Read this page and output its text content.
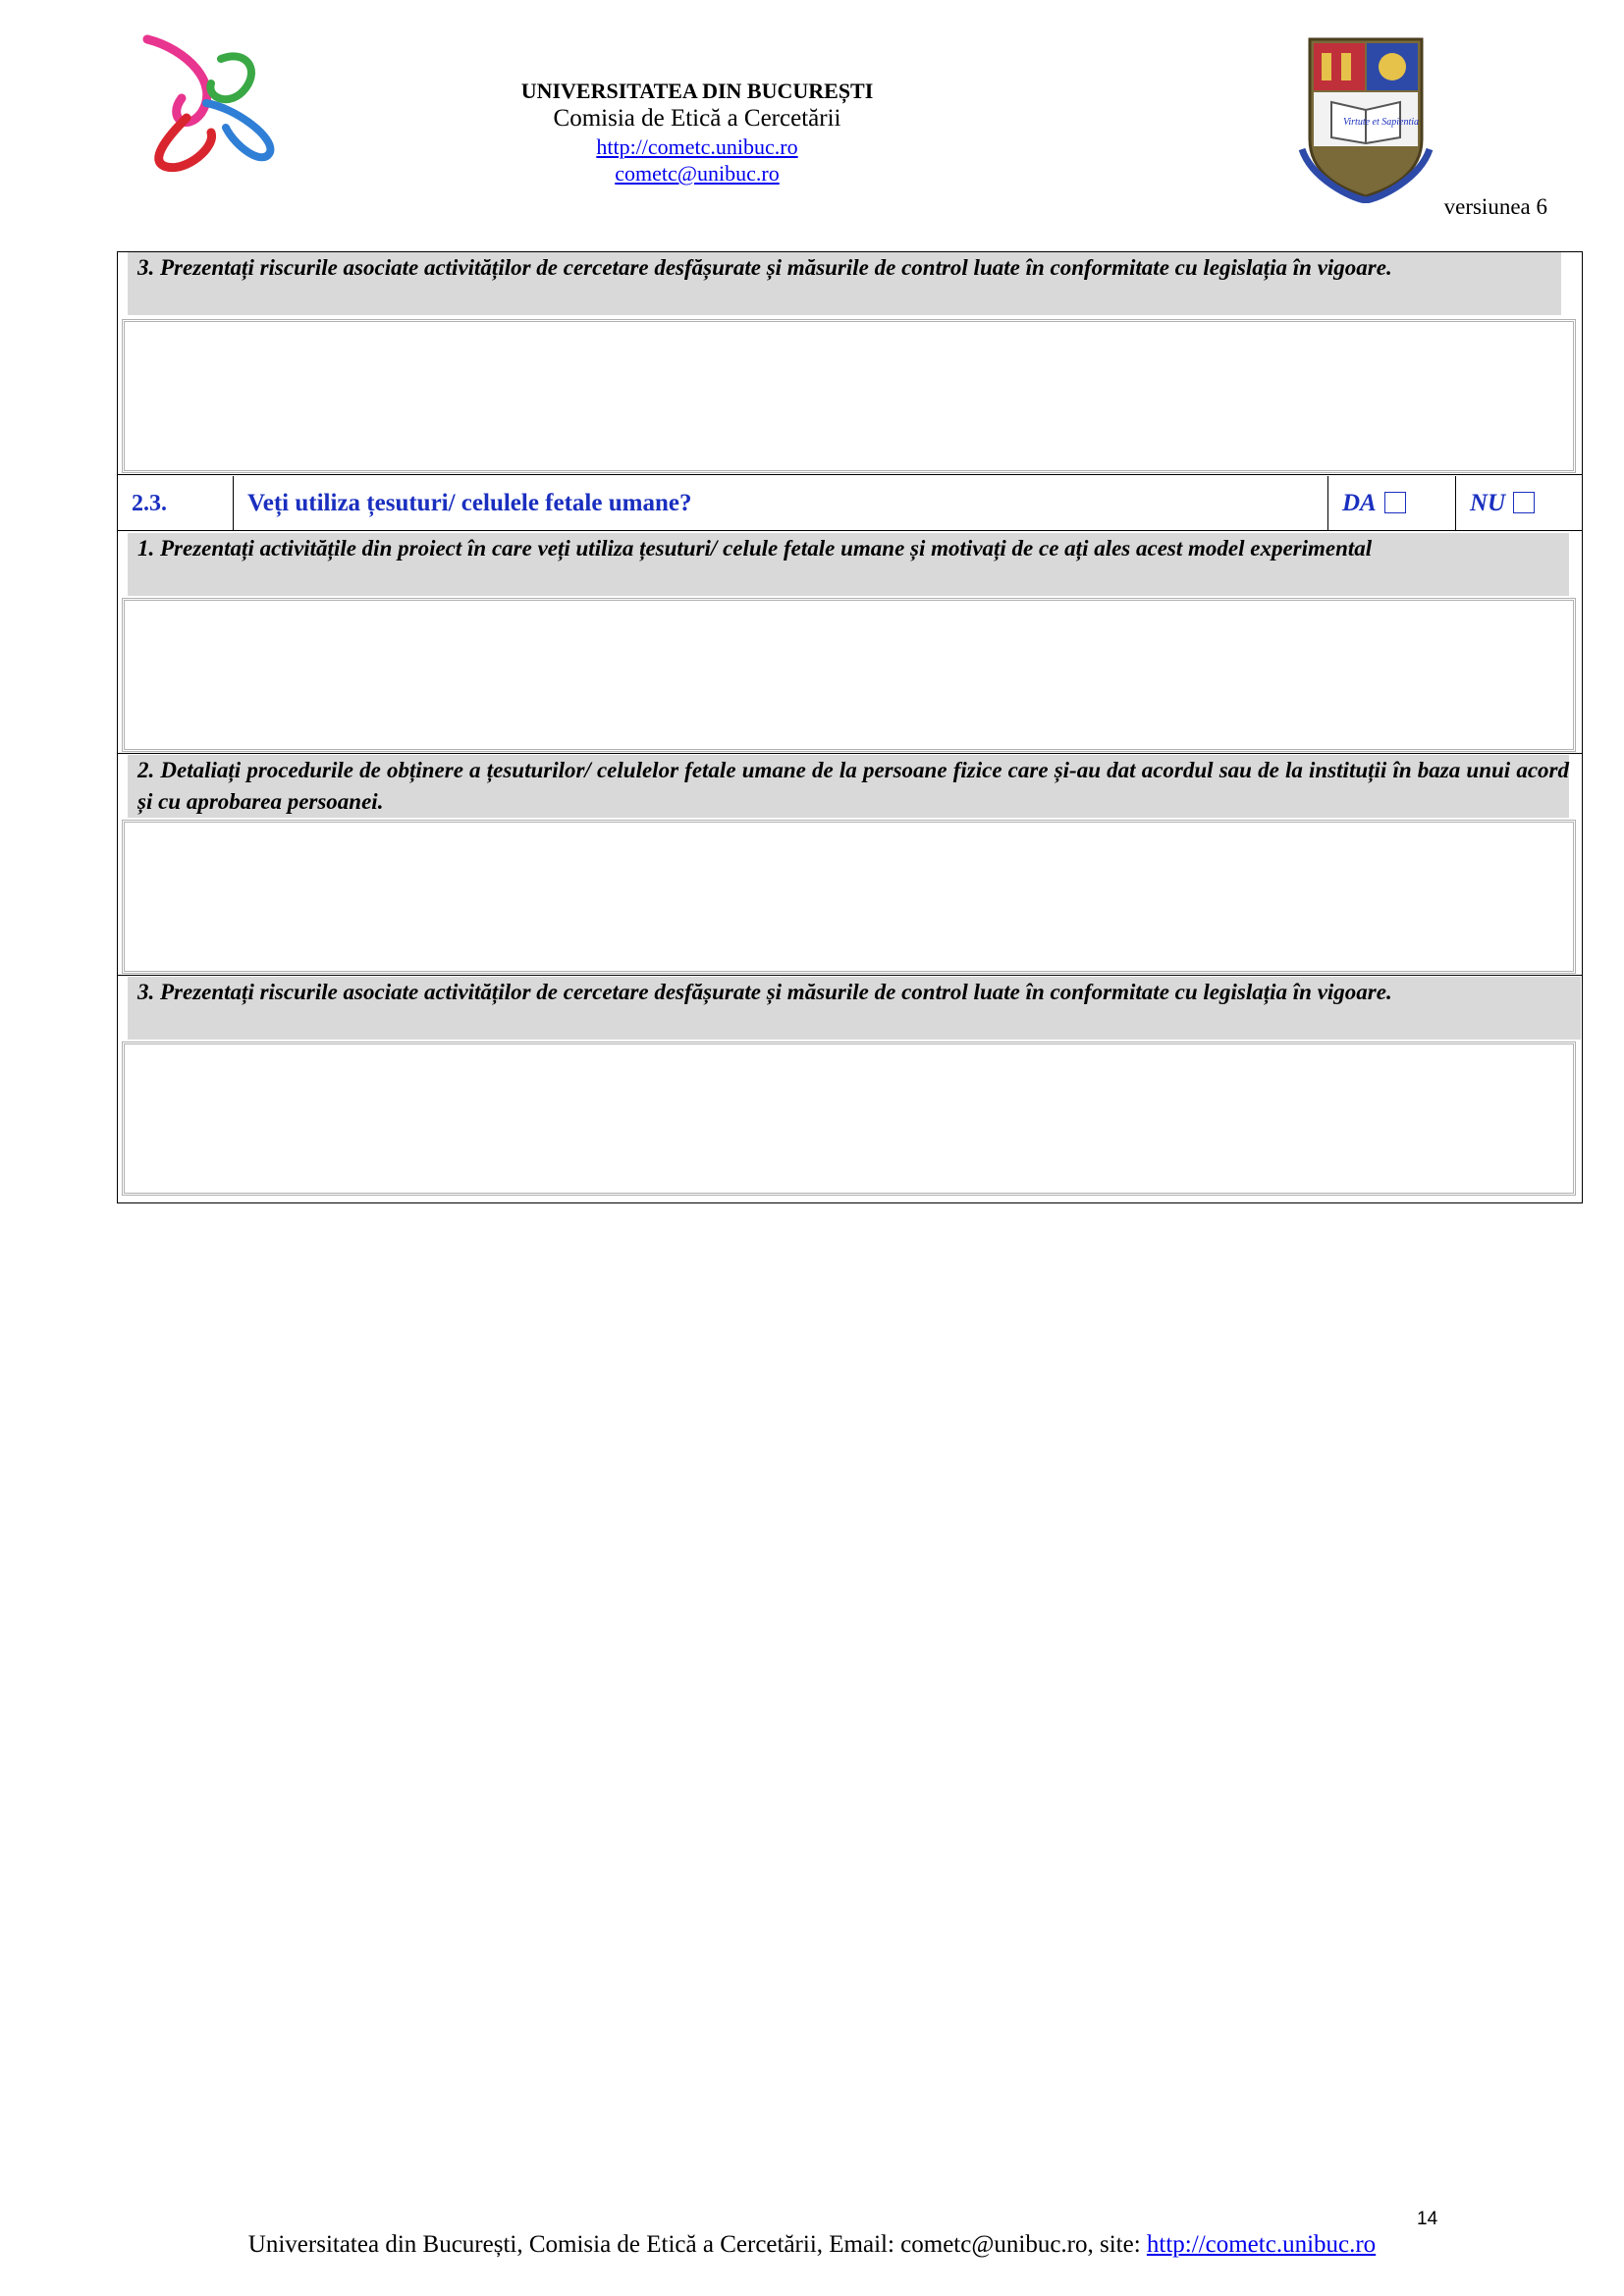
UNIVERSITATEA DIN BUCUREȘTI
Comisia de Etică a Cercetării
http://cometc.unibuc.ro
cometc@unibuc.ro
Virtute et Sapientia
versiunea 6
3. Prezentați riscurile asociate activităților de cercetare desfășurate și măsurile de control luate în conformitate cu legislația în vigoare.
2.3.	Veți utiliza țesuturi/ celulele fetale umane?	DA	NU
1. Prezentați activitățile din proiect în care veți utiliza țesuturi/ celule fetale umane și motivați de ce ați ales acest model experimental
2. Detaliați procedurile de obținere a țesuturilor/ celulelor fetale umane de la persoane fizice care și-au dat acordul sau de la instituții în baza unui acord și cu aprobarea persoanei.
3. Prezentați riscurile asociate activităților de cercetare desfășurate și măsurile de control luate în conformitate cu legislația în vigoare.
14
Universitatea din București, Comisia de Etică a Cercetării, Email: cometc@unibuc.ro, site: http://cometc.unibuc.ro
